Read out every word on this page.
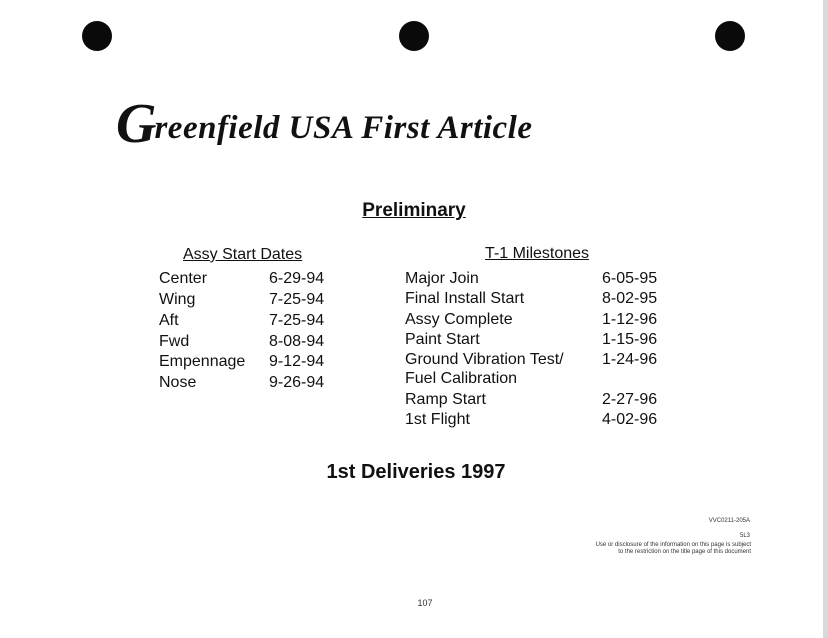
Greenfield USA First Article
Preliminary
Assy Start Dates	T-1 Milestones
Center	6-29-94
Wing	7-25-94
Aft	7-25-94
Fwd	8-08-94
Empennage 9-12-94
Nose	9-26-94
Major Join	6-05-95
Final Install Start	8-02-95
Assy Complete	1-12-96
Paint Start	1-15-96
Ground Vibration Test/ 1-24-96
Fuel Calibration
Ramp Start	2-27-96
1st Flight	4-02-96
1st Deliveries 1997
VVC0211-205A
5L3
Use or disclosure of the information on this page is subject
to the restriction on the title page of this document
107
